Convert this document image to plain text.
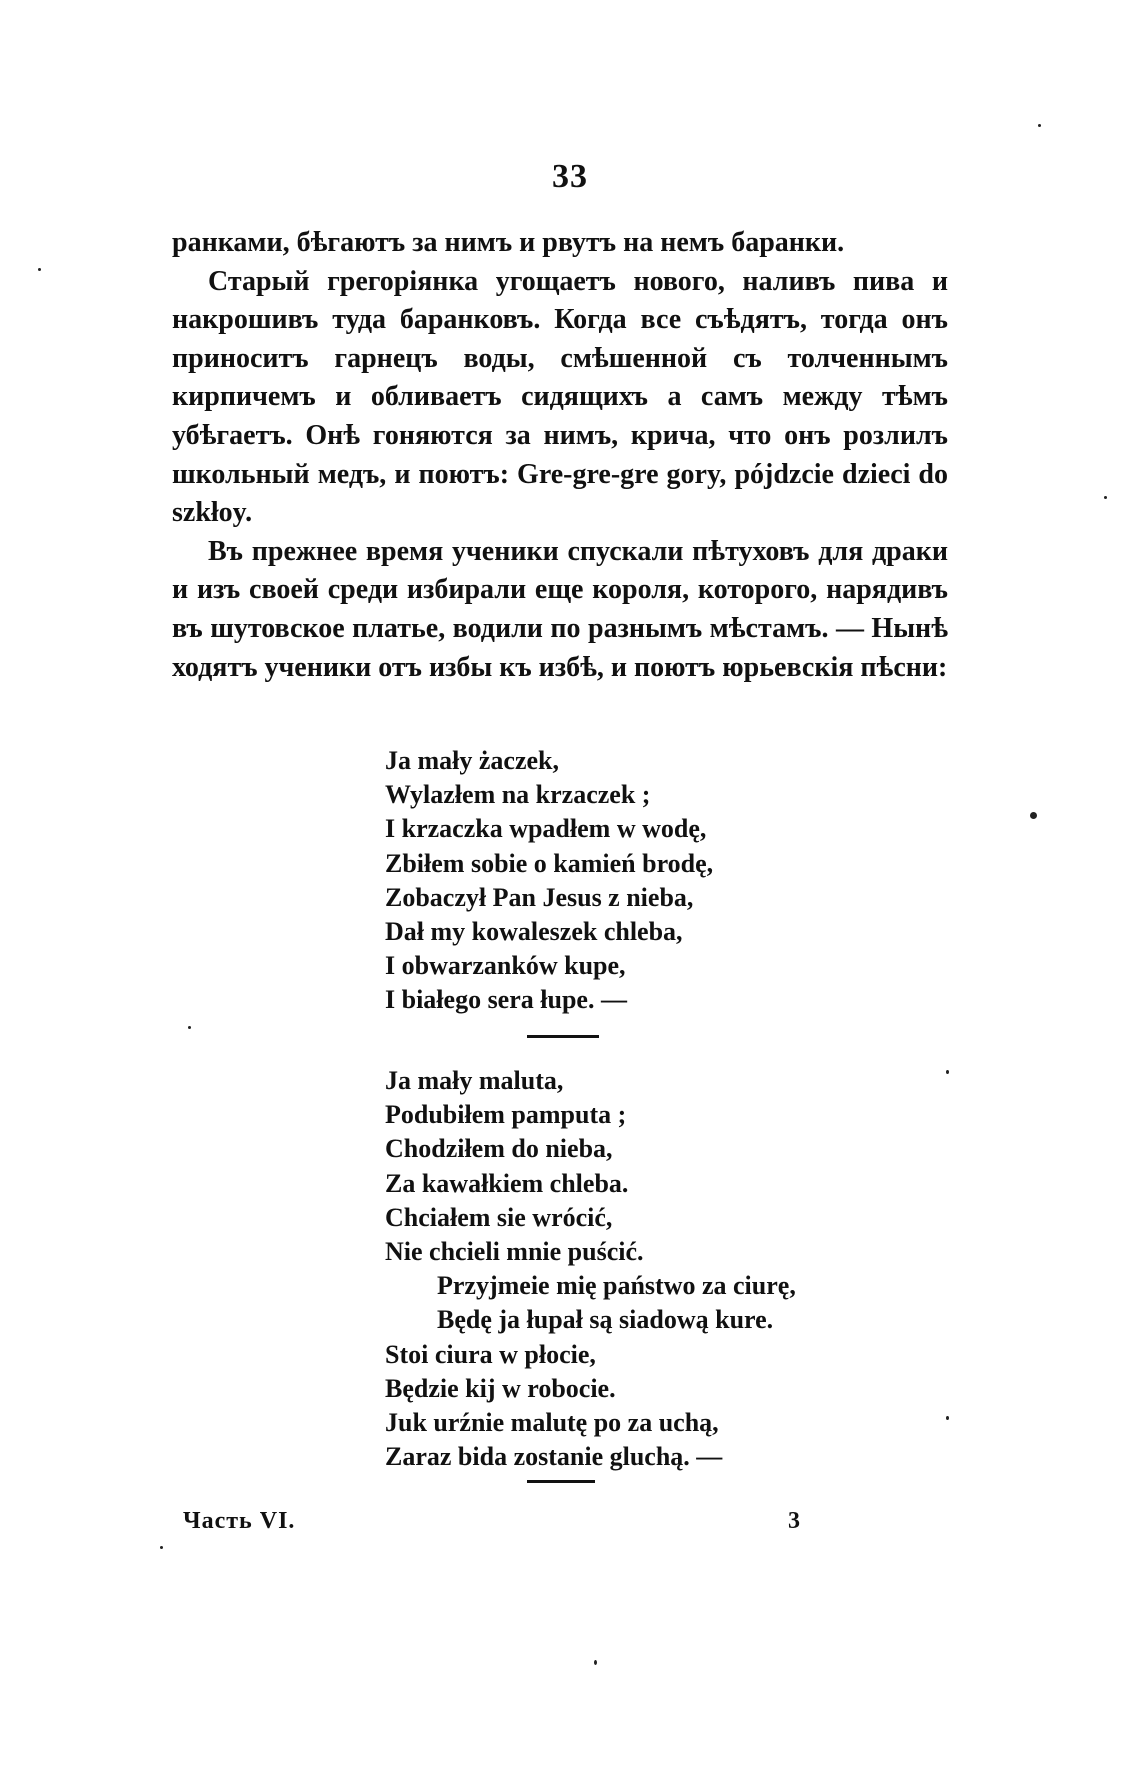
33

ранками, бѣгаютъ за нимъ и рвутъ на немъ баранки.

Старый грегоріянка угощаетъ нового, наливъ пива и накрошивъ туда баранковъ. Когда все съѣдятъ, тогда онъ приноситъ гарнецъ воды, смѣшенной съ толченнымъ кирпичемъ и обливаетъ сидящихъ а самъ между тѣмъ убѣгаетъ. Онѣ гоняются за нимъ, крича, что онъ розлилъ школьный медъ, и поютъ: Gre-gre-gre gory, pójdzcie dzieci do szkłoy.

Въ прежнее время ученики спускали пѣтуховъ для драки и изъ своей среди избирали еще короля, которого, нарядивъ въ шутовское платье, водили по разнымъ мѣстамъ. — Нынѣ ходятъ ученики отъ избы къ избѣ, и поютъ юрьевскія пѣсни:

Ja mały żaczek,
Wylazłem na krzaczek ;
I krzaczka wpadłem w wodę,
Zbiłem sobie o kamień brodę,
Zobaczył Pan Jesus z nieba,
Dał my kowaleszek chleba,
I obwarzanków kupe,
I białego sera łupe. —
Ja mały maluta,
Podubiłem pamputa ;
Chodziłem do nieba,
Za kawałkiem chleba.
Chciałem sie wrócić,
Nie chcieli mnie puścić.
Przyjmeie mię państwo za ciurę,
Będę ja łupał są siadową kure.
Stoi ciura w płocie,
Będzie kij w robocie.
Juk urźnie malutę po za uchą,
Zaraz bida zostanie gluchą. —
Часть VI.	3
